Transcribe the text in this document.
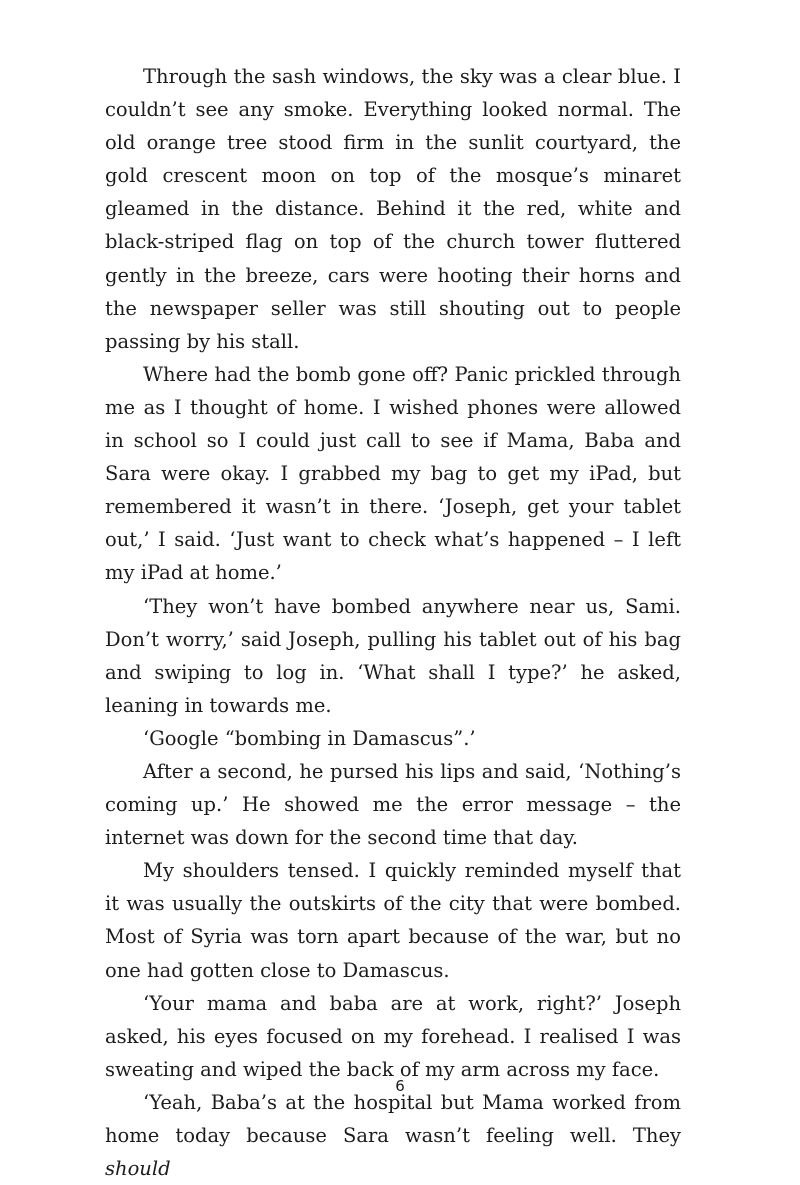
Through the sash windows, the sky was a clear blue. I couldn’t see any smoke. Everything looked normal. The old orange tree stood firm in the sunlit courtyard, the gold crescent moon on top of the mosque’s minaret gleamed in the distance. Behind it the red, white and black-striped flag on top of the church tower fluttered gently in the breeze, cars were hooting their horns and the newspaper seller was still shouting out to people passing by his stall.

Where had the bomb gone off? Panic prickled through me as I thought of home. I wished phones were allowed in school so I could just call to see if Mama, Baba and Sara were okay. I grabbed my bag to get my iPad, but remembered it wasn’t in there. ‘Joseph, get your tablet out,’ I said. ‘Just want to check what’s happened – I left my iPad at home.’

‘They won’t have bombed anywhere near us, Sami. Don’t worry,’ said Joseph, pulling his tablet out of his bag and swiping to log in. ‘What shall I type?’ he asked, leaning in towards me.

‘Google “bombing in Damascus”.’

After a second, he pursed his lips and said, ‘Nothing’s coming up.’ He showed me the error message – the internet was down for the second time that day.

My shoulders tensed. I quickly reminded myself that it was usually the outskirts of the city that were bombed. Most of Syria was torn apart because of the war, but no one had gotten close to Damascus.

‘Your mama and baba are at work, right?’ Joseph asked, his eyes focused on my forehead. I realised I was sweating and wiped the back of my arm across my face.

‘Yeah, Baba’s at the hospital but Mama worked from home today because Sara wasn’t feeling well. They should

6
